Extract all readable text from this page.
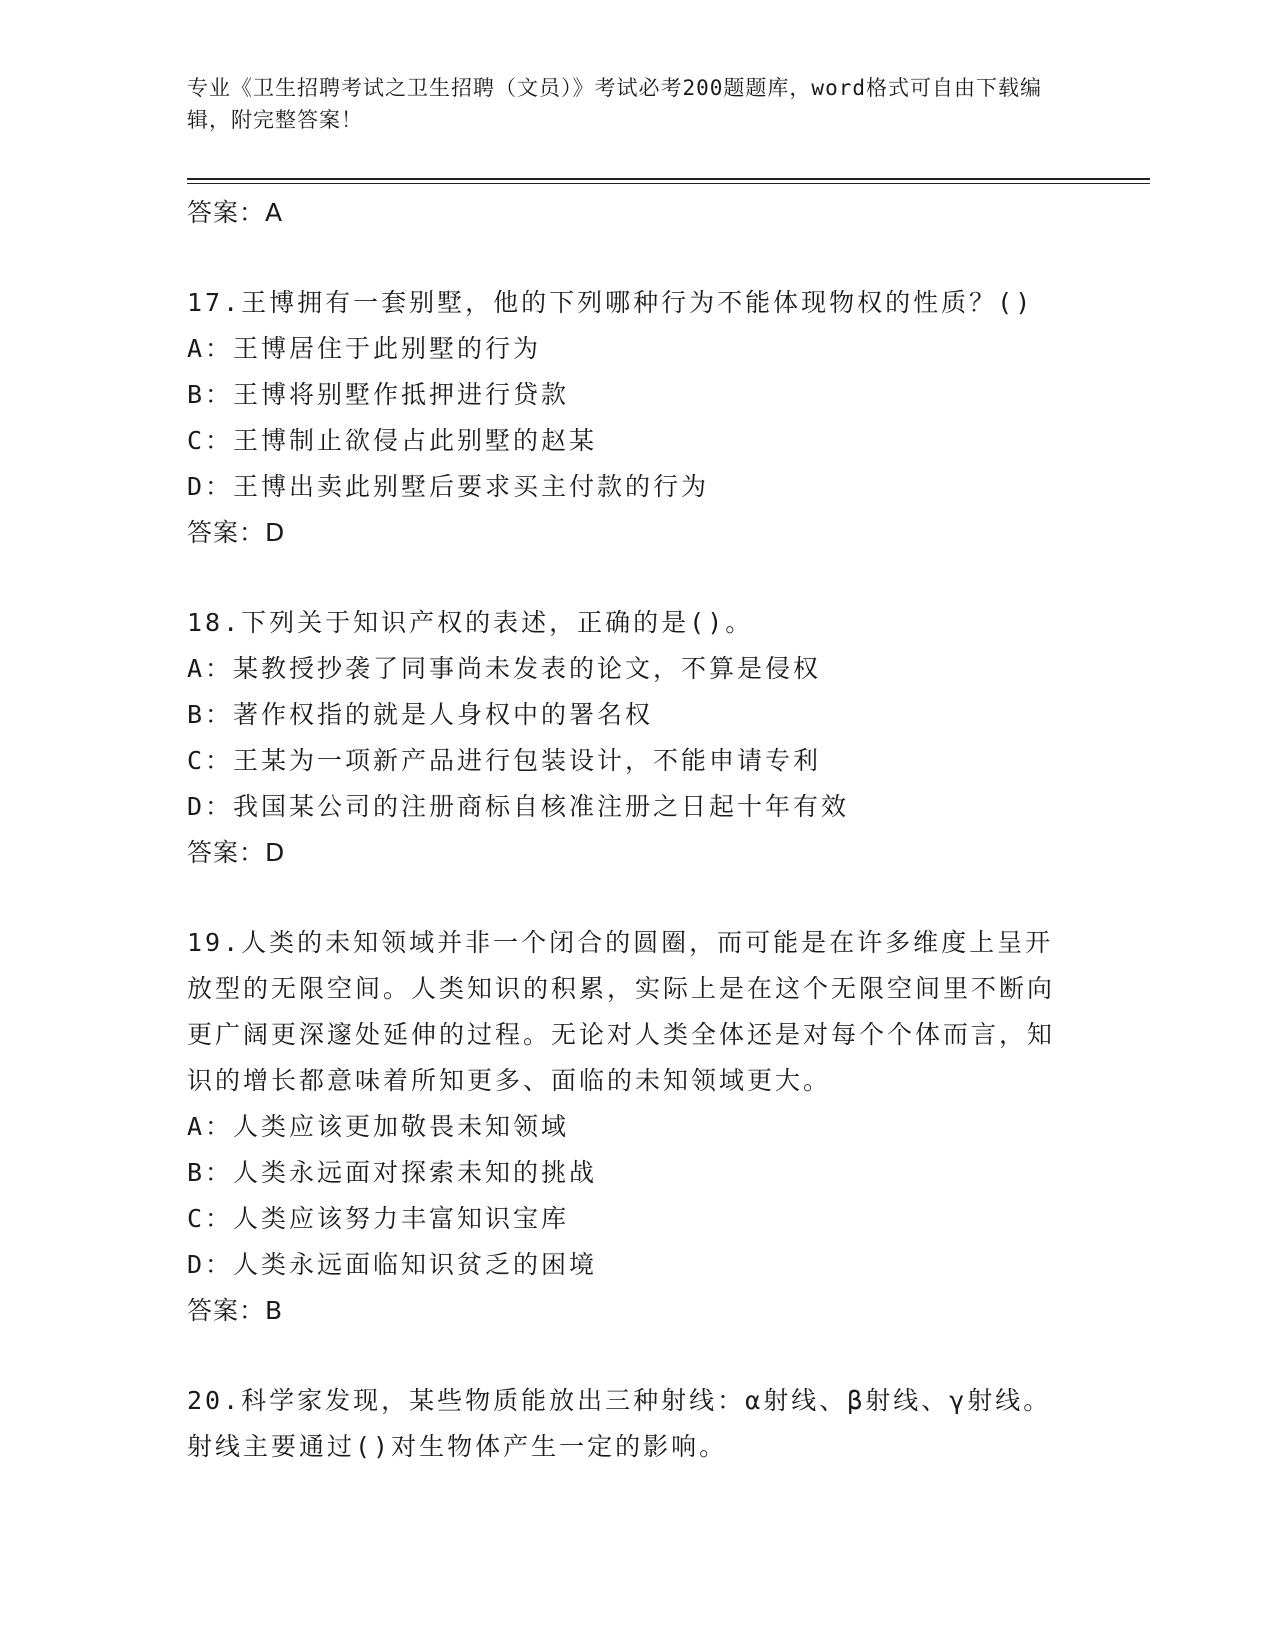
专业《卫生招聘考试之卫生招聘（文员）》考试必考200题题库，word格式可自由下载编辑，附完整答案！
答案：A
17.王博拥有一套别墅，他的下列哪种行为不能体现物权的性质？()
A：王博居住于此别墅的行为
B：王博将别墅作抵押进行贷款
C：王博制止欲侵占此别墅的赵某
D：王博出卖此别墅后要求买主付款的行为
答案：D
18.下列关于知识产权的表述，正确的是()。
A：某教授抄袭了同事尚未发表的论文，不算是侵权
B：著作权指的就是人身权中的署名权
C：王某为一项新产品进行包装设计，不能申请专利
D：我国某公司的注册商标自核准注册之日起十年有效
答案：D
19.人类的未知领域并非一个闭合的圆圈，而可能是在许多维度上呈开放型的无限空间。人类知识的积累，实际上是在这个无限空间里不断向更广阔更深邃处延伸的过程。无论对人类全体还是对每个个体而言，知识的增长都意味着所知更多、面临的未知领域更大。
A：人类应该更加敬畏未知领域
B：人类永远面对探索未知的挑战
C：人类应该努力丰富知识宝库
D：人类永远面临知识贫乏的困境
答案：B
20.科学家发现，某些物质能放出三种射线：α射线、β射线、γ射线。射线主要通过()对生物体产生一定的影响。
